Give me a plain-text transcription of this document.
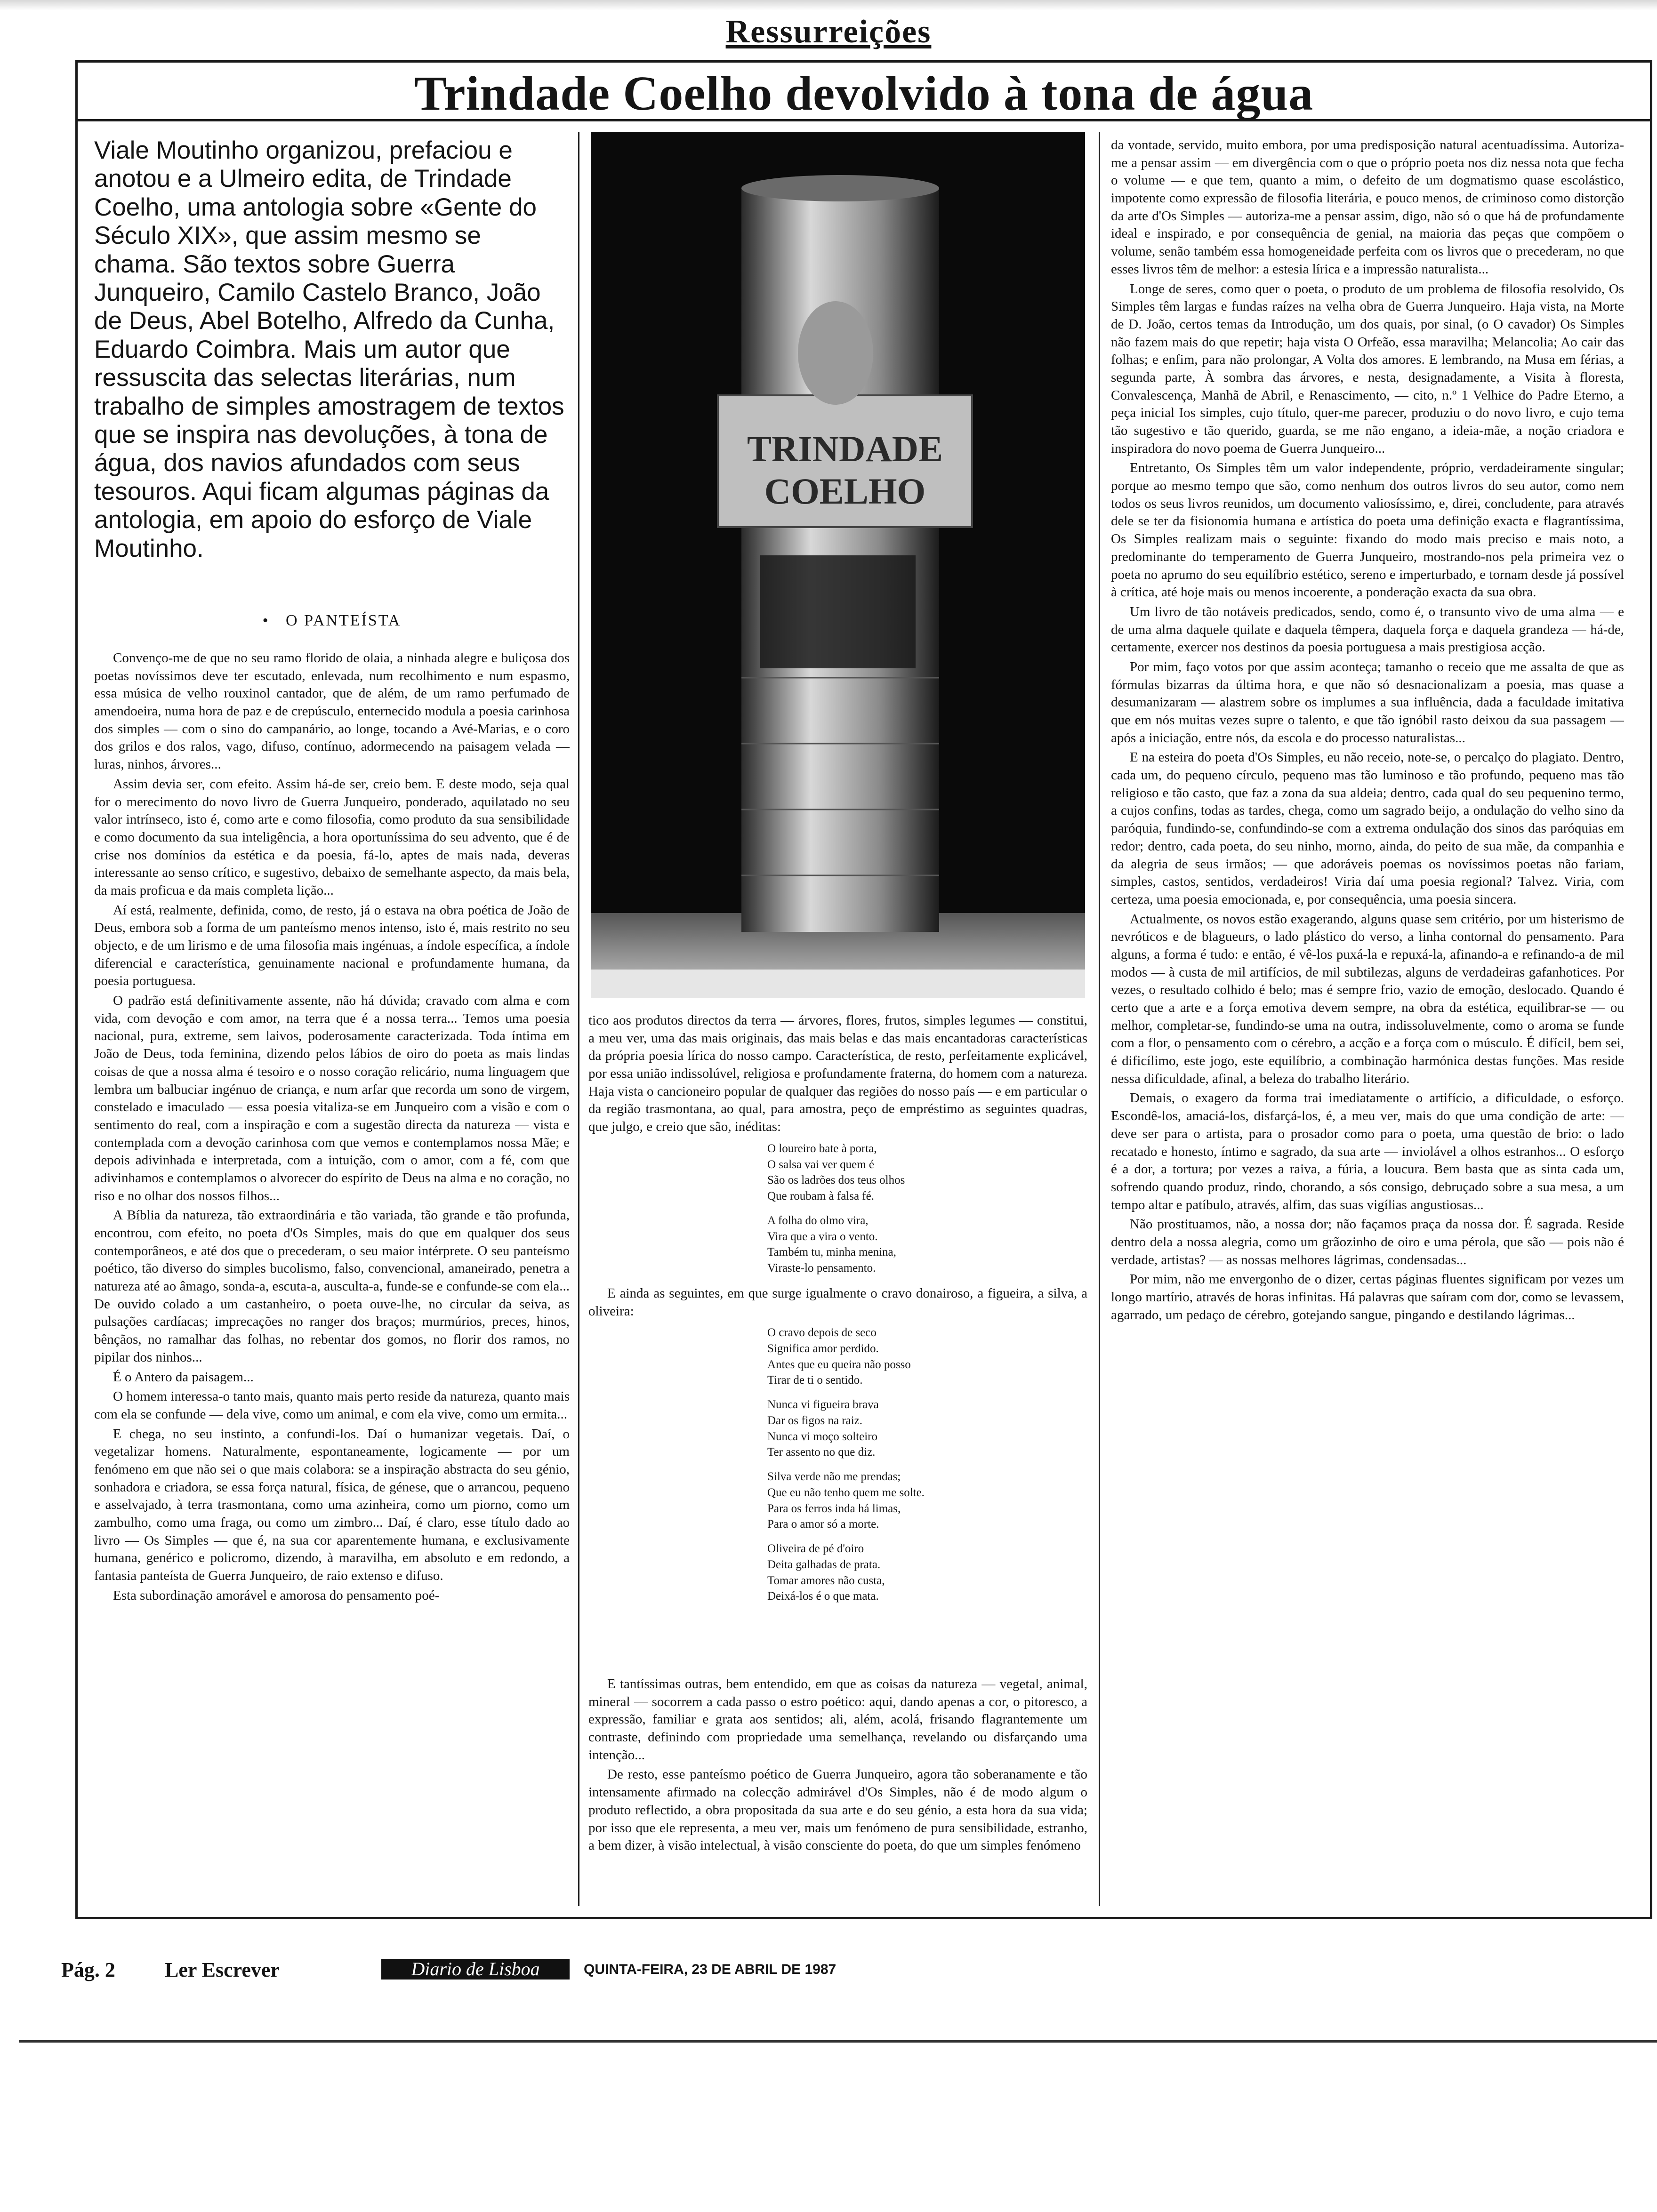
Ressurreições
Trindade Coelho devolvido à tona de água

Viale Moutinho organizou, prefaciou e anotou e a Ulmeiro edita, de Trindade Coelho, uma antologia sobre «Gente do Século XIX», que assim mesmo se chama. São textos sobre Guerra Junqueiro, Camilo Castelo Branco, João de Deus, Abel Botelho, Alfredo da Cunha, Eduardo Coimbra. Mais um autor que ressuscita das selectas literárias, num trabalho de simples amostragem de textos que se inspira nas devoluções, à tona de água, dos navios afundados com seus tesouros. Aqui ficam algumas páginas da antologia, em apoio do esforço de Viale Moutinho.

•   O PANTEÍSTA

Convenço-me de que no seu ramo florido de olaia, a ninhada alegre e buliçosa dos poetas novíssimos deve ter escutado, enlevada, num recolhimento e num espasmo, essa música de velho rouxinol cantador, que de além, de um ramo perfumado de amendoeira, numa hora de paz e de crepúsculo, enternecido modula a poesia carinhosa dos simples — com o sino do campanário, ao longe, tocando a Avé-Marias, e o coro dos grilos e dos ralos, vago, difuso, contínuo, adormecendo na paisagem velada — luras, ninhos, árvores...

Assim devia ser, com efeito. Assim há-de ser, creio bem. E deste modo, seja qual for o merecimento do novo livro de Guerra Junqueiro, ponderado, aquilatado no seu valor intrínseco, isto é, como arte e como filosofia, como produto da sua sensibilidade e como documento da sua inteligência, a hora oportuníssima do seu advento, que é de crise nos domínios da estética e da poesia, fá-lo, aptes de mais nada, deveras interessante ao senso crítico, e sugestivo, debaixo de semelhante aspecto, da mais bela, da mais proficua e da mais completa lição...

Aí está, realmente, definida, como, de resto, já o estava na obra poética de João de Deus, embora sob a forma de um panteísmo menos intenso, isto é, mais restrito no seu objecto, e de um lirismo e de uma filosofia mais ingénuas, a índole específica, a índole diferencial e característica, genuinamente nacional e profundamente humana, da poesia portuguesa.

O padrão está definitivamente assente, não há dúvida; cravado com alma e com vida, com devoção e com amor, na terra que é a nossa terra... Temos uma poesia nacional, pura, extreme, sem laivos, poderosamente caracterizada. Toda íntima em João de Deus, toda feminina, dizendo pelos lábios de oiro do poeta as mais lindas coisas de que a nossa alma é tesoiro e o nosso coração relicário, numa linguagem que lembra um balbuciar ingénuo de criança, e num arfar que recorda um sono de virgem, constelado e imaculado — essa poesia vitaliza-se em Junqueiro com a visão e com o sentimento do real, com a inspiração e com a sugestão directa da natureza — vista e contemplada com a devoção carinhosa com que vemos e contemplamos nossa Mãe; e depois adivinhada e interpretada, com a intuição, com o amor, com a fé, com que adivinhamos e contemplamos o alvorecer do espírito de Deus na alma e no coração, no riso e no olhar dos nossos filhos...

A Bíblia da natureza, tão extraordinária e tão variada, tão grande e tão profunda, encontrou, com efeito, no poeta d'Os Simples, mais do que em qualquer dos seus contemporâneos, e até dos que o precederam, o seu maior intérprete. O seu panteísmo poético, tão diverso do simples bucolismo, falso, convencional, amaneirado, penetra a natureza até ao âmago, sonda-a, escuta-a, ausculta-a, funde-se e confunde-se com ela... De ouvido colado a um castanheiro, o poeta ouve-lhe, no circular da seiva, as pulsações cardíacas; imprecações no ranger dos braços; murmúrios, preces, hinos, bênçãos, no ramalhar das folhas, no rebentar dos gomos, no florir dos ramos, no pipilar dos ninhos...

É o Antero da paisagem...

O homem interessa-o tanto mais, quanto mais perto reside da natureza, quanto mais com ela se confunde — dela vive, como um animal, e com ela vive, como um ermita...

E chega, no seu instinto, a confundi-los. Daí o humanizar vegetais. Daí, o vegetalizar homens. Naturalmente, espontaneamente, logicamente — por um fenómeno em que não sei o que mais colabora: se a inspiração abstracta do seu génio, sonhadora e criadora, se essa força natural, física, de génese, que o arrancou, pequeno e asselvajado, à terra trasmontana, como uma azinheira, como um piorno, como um zambulho, como uma fraga, ou como um zimbro... Daí, é claro, esse título dado ao livro — Os Simples — que é, na sua cor aparentemente humana, e exclusivamente humana, genérico e policromo, dizendo, à maravilha, em absoluto e em redondo, a fantasia panteísta de Guerra Junqueiro, de raio extenso e difuso.

Esta subordinação amorável e amorosa do pensamento poé-

TRINDADE
COELHO

tico aos produtos directos da terra — árvores, flores, frutos, simples legumes — constitui, a meu ver, uma das mais originais, das mais belas e das mais encantadoras características da própria poesia lírica do nosso campo. Característica, de resto, perfeitamente explicável, por essa união indissolúvel, religiosa e profundamente fraterna, do homem com a natureza. Haja vista o cancioneiro popular de qualquer das regiões do nosso país — e em particular o da região trasmontana, ao qual, para amostra, peço de empréstimo as seguintes quadras, que julgo, e creio que são, inéditas:

O loureiro bate à porta,
O salsa vai ver quem é
São os ladrões dos teus olhos
Que roubam à falsa fé.
A folha do olmo vira,
Vira que a vira o vento.
Também tu, minha menina,
Viraste-lo pensamento.

E ainda as seguintes, em que surge igualmente o cravo donairoso, a figueira, a silva, a oliveira:

O cravo depois de seco
Significa amor perdido.
Antes que eu queira não posso
Tirar de ti o sentido.
Nunca vi figueira brava
Dar os figos na raiz.
Nunca vi moço solteiro
Ter assento no que diz.
Silva verde não me prendas;
Que eu não tenho quem me solte.
Para os ferros inda há limas,
Para o amor só a morte.
Oliveira de pé d'oiro
Deita galhadas de prata.
Tomar amores não custa,
Deixá-los é o que mata.

E tantíssimas outras, bem entendido, em que as coisas da natureza — vegetal, animal, mineral — socorrem a cada passo o estro poético: aqui, dando apenas a cor, o pitoresco, a expressão, familiar e grata aos sentidos; ali, além, acolá, frisando flagrantemente um contraste, definindo com propriedade uma semelhança, revelando ou disfarçando uma intenção...

De resto, esse panteísmo poético de Guerra Junqueiro, agora tão soberanamente e tão intensamente afirmado na colecção admirável d'Os Simples, não é de modo algum o produto reflectido, a obra propositada da sua arte e do seu génio, a esta hora da sua vida; por isso que ele representa, a meu ver, mais um fenómeno de pura sensibilidade, estranho, a bem dizer, à visão intelectual, à visão consciente do poeta, do que um simples fenómeno

da vontade, servido, muito embora, por uma predisposição natural acentuadíssima. Autoriza-me a pensar assim — em divergência com o que o próprio poeta nos diz nessa nota que fecha o volume — e que tem, quanto a mim, o defeito de um dogmatismo quase escolástico, impotente como expressão de filosofia literária, e pouco menos, de criminoso como distorção da arte d'Os Simples — autoriza-me a pensar assim, digo, não só o que há de profundamente ideal e inspirado, e por consequência de genial, na maioria das peças que compõem o volume, senão também essa homogeneidade perfeita com os livros que o precederam, no que esses livros têm de melhor: a estesia lírica e a impressão naturalista...

Longe de seres, como quer o poeta, o produto de um problema de filosofia resolvido, Os Simples têm largas e fundas raízes na velha obra de Guerra Junqueiro. Haja vista, na Morte de D. João, certos temas da Introdução, um dos quais, por sinal, (o O cavador) Os Simples não fazem mais do que repetir; haja vista O Orfeão, essa maravilha; Melancolia; Ao cair das folhas; e enfim, para não prolongar, A Volta dos amores. E lembrando, na Musa em férias, a segunda parte, À sombra das árvores, e nesta, designadamente, a Visita à floresta, Convalescença, Manhã de Abril, e Renascimento, — cito, n.º 1 Velhice do Padre Eterno, a peça inicial Ios simples, cujo título, quer-me parecer, produziu o do novo livro, e cujo tema tão sugestivo e tão querido, guarda, se me não engano, a ideia-mãe, a noção criadora e inspiradora do novo poema de Guerra Junqueiro...

Entretanto, Os Simples têm um valor independente, próprio, verdadeiramente singular; porque ao mesmo tempo que são, como nenhum dos outros livros do seu autor, como nem todos os seus livros reunidos, um documento valiosíssimo, e, direi, concludente, para através dele se ter da fisionomia humana e artística do poeta uma definição exacta e flagrantíssima, Os Simples realizam mais o seguinte: fixando do modo mais preciso e mais noto, a predominante do temperamento de Guerra Junqueiro, mostrando-nos pela primeira vez o poeta no aprumo do seu equilíbrio estético, sereno e imperturbado, e tornam desde já possível à crítica, até hoje mais ou menos incoerente, a ponderação exacta da sua obra.

Um livro de tão notáveis predicados, sendo, como é, o transunto vivo de uma alma — e de uma alma daquele quilate e daquela têmpera, daquela força e daquela grandeza — há-de, certamente, exercer nos destinos da poesia portuguesa a mais prestigiosa acção.

Por mim, faço votos por que assim aconteça; tamanho o receio que me assalta de que as fórmulas bizarras da última hora, e que não só desnacionalizam a poesia, mas quase a desumanizaram — alastrem sobre os implumes a sua influência, dada a faculdade imitativa que em nós muitas vezes supre o talento, e que tão ignóbil rasto deixou da sua passagem — após a iniciação, entre nós, da escola e do processo naturalistas...

E na esteira do poeta d'Os Simples, eu não receio, note-se, o percalço do plagiato. Dentro, cada um, do pequeno círculo, pequeno mas tão luminoso e tão profundo, pequeno mas tão religioso e tão casto, que faz a zona da sua aldeia; dentro, cada qual do seu pequenino termo, a cujos confins, todas as tardes, chega, como um sagrado beijo, a ondulação do velho sino da paróquia, fundindo-se, confundindo-se com a extrema ondulação dos sinos das paróquias em redor; dentro, cada poeta, do seu ninho, morno, ainda, do peito de sua mãe, da companhia e da alegria de seus irmãos; — que adoráveis poemas os novíssimos poetas não fariam, simples, castos, sentidos, verdadeiros! Viria daí uma poesia regional? Talvez. Viria, com certeza, uma poesia emocionada, e, por consequência, uma poesia sincera.

Actualmente, os novos estão exagerando, alguns quase sem critério, por um histerismo de nevróticos e de blagueurs, o lado plástico do verso, a linha contornal do pensamento. Para alguns, a forma é tudo: e então, é vê-los puxá-la e repuxá-la, afinando-a e refinando-a de mil modos — à custa de mil artifícios, de mil subtilezas, alguns de verdadeiras gafanhotices. Por vezes, o resultado colhido é belo; mas é sempre frio, vazio de emoção, deslocado. Quando é certo que a arte e a força emotiva devem sempre, na obra da estética, equilibrar-se — ou melhor, completar-se, fundindo-se uma na outra, indissoluvelmente, como o aroma se funde com a flor, o pensamento com o cérebro, a acção e a força com o músculo. É difícil, bem sei, é dificílimo, este jogo, este equilíbrio, a combinação harmónica destas funções. Mas reside nessa dificuldade, afinal, a beleza do trabalho literário.

Demais, o exagero da forma trai imediatamente o artifício, a dificuldade, o esforço. Escondê-los, amaciá-los, disfarçá-los, é, a meu ver, mais do que uma condição de arte: — deve ser para o artista, para o prosador como para o poeta, uma questão de brio: o lado recatado e honesto, íntimo e sagrado, da sua arte — inviolável a olhos estranhos... O esforço é a dor, a tortura; por vezes a raiva, a fúria, a loucura. Bem basta que as sinta cada um, sofrendo quando produz, rindo, chorando, a sós consigo, debruçado sobre a sua mesa, a um tempo altar e patíbulo, através, alfim, das suas vigílias angustiosas...

Não prostituamos, não, a nossa dor; não façamos praça da nossa dor. É sagrada. Reside dentro dela a nossa alegria, como um grãozinho de oiro e uma pérola, que são — pois não é verdade, artistas? — as nossas melhores lágrimas, condensadas...

Por mim, não me envergonho de o dizer, certas páginas fluentes significam por vezes um longo martírio, através de horas infinitas. Há palavras que saíram com dor, como se levassem, agarrado, um pedaço de cérebro, gotejando sangue, pingando e destilando lágrimas...

Pág. 2 Ler Escrever	Diario de Lisboa	QUINTA-FEIRA, 23 DE ABRIL DE 1987
